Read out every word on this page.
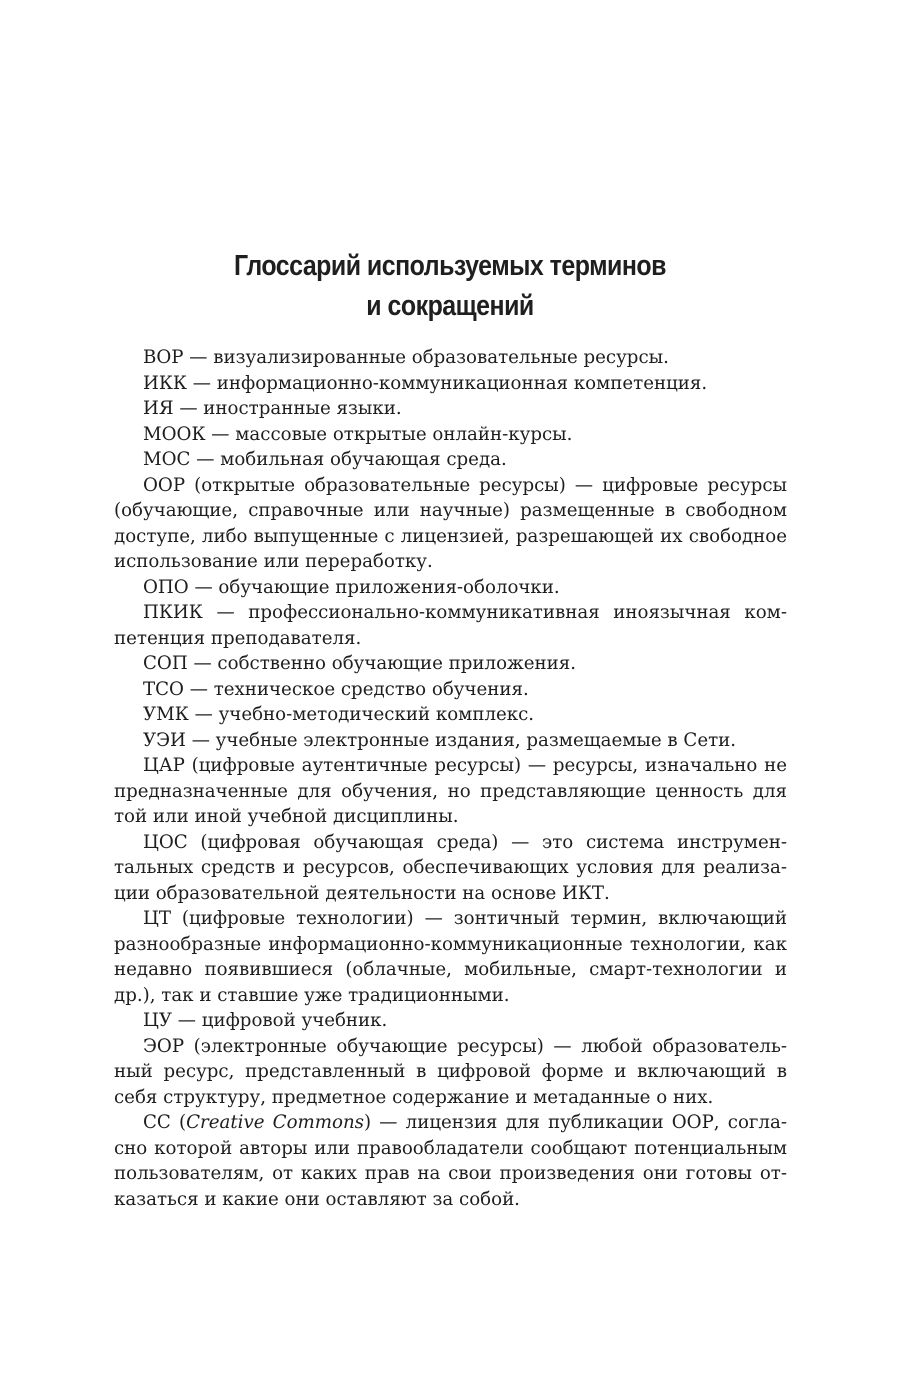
Глоссарий используемых терминов
и сокращений

ВОР — визуализированные образовательные ресурсы.

ИКК — информационно-коммуникационная компетенция.

ИЯ — иностранные языки.

МООК — массовые открытые онлайн-курсы.

МОС — мобильная обучающая среда.

ООР (открытые образовательные ресурсы) — цифровые ресурсы (обучающие, справочные или научные) размещенные в свободном доступе, либо выпущенные с лицензией, разрешающей их свободное использование или переработку.

ОПО — обучающие приложения-оболочки.

ПКИК — профессионально-коммуникативная иноязычная компетенция преподавателя.

СОП — собственно обучающие приложения.

ТСО — техническое средство обучения.

УМК — учебно-методический комплекс.

УЭИ — учебные электронные издания, размещаемые в Сети.

ЦАР (цифровые аутентичные ресурсы) — ресурсы, изначально не предназначенные для обучения, но представляющие ценность для той или иной учебной дисциплины.

ЦОС (цифровая обучающая среда) — это система инструментальных средств и ресурсов, обеспечивающих условия для реализации образовательной деятельности на основе ИКТ.

ЦТ (цифровые технологии) — зонтичный термин, включающий разнообразные информационно-коммуникационные технологии, как недавно появившиеся (облачные, мобильные, смарт-технологии и др.), так и ставшие уже традиционными.

ЦУ — цифровой учебник.

ЭОР (электронные обучающие ресурсы) — любой образовательный ресурс, представленный в цифровой форме и включающий в себя структуру, предметное содержание и метаданные о них.

CC (Creative Commons) — лицензия для публикации ООР, согласно которой авторы или правообладатели сообщают потенциальным пользователям, от каких прав на свои произведения они готовы отказаться и какие они оставляют за собой.
